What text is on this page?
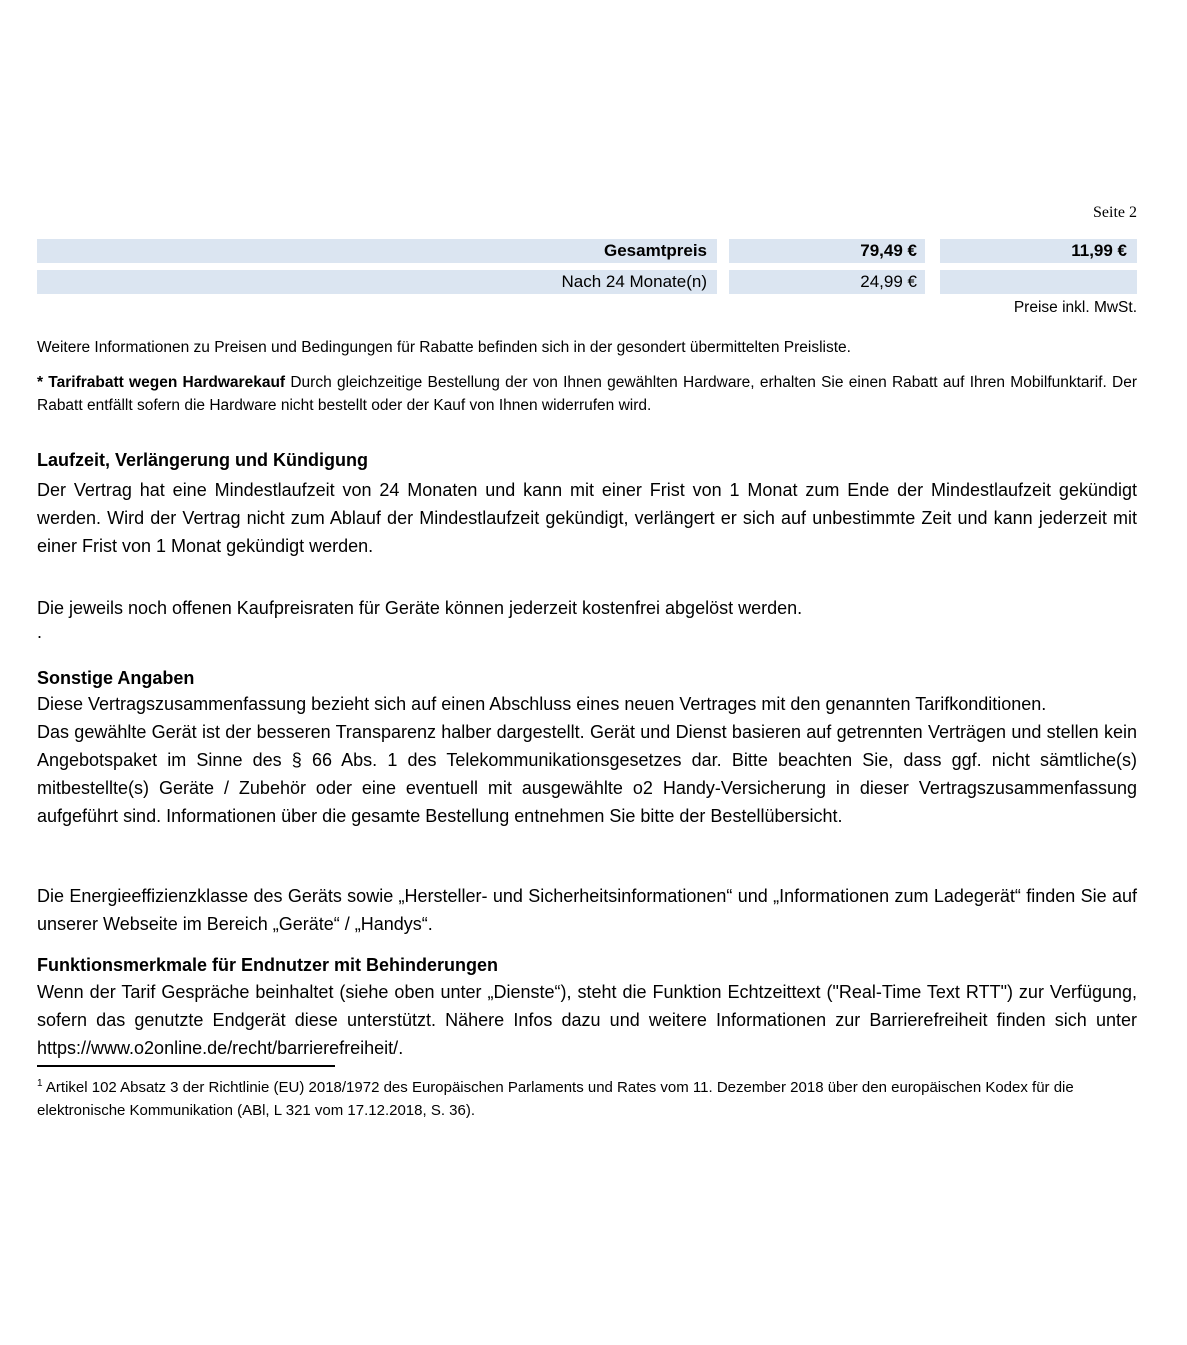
Seite 2
Gesamtpreis	79,49 €	11,99 €
Nach 24 Monate(n)	24,99 €
Preise inkl. MwSt.

Weitere Informationen zu Preisen und Bedingungen für Rabatte befinden sich in der gesondert übermittelten Preisliste.

* Tarifrabatt wegen Hardwarekauf Durch gleichzeitige Bestellung der von Ihnen gewählten Hardware, erhalten Sie einen Rabatt auf Ihren Mobilfunktarif. Der Rabatt entfällt sofern die Hardware nicht bestellt oder der Kauf von Ihnen widerrufen wird.

Laufzeit, Verlängerung und Kündigung

Der Vertrag hat eine Mindestlaufzeit von 24 Monaten und kann mit einer Frist von 1 Monat zum Ende der Mindestlaufzeit gekündigt werden. Wird der Vertrag nicht zum Ablauf der Mindestlaufzeit gekündigt, verlängert er sich auf unbestimmte Zeit und kann jederzeit mit einer Frist von 1 Monat gekündigt werden.

Die jeweils noch offenen Kaufpreisraten für Geräte können jederzeit kostenfrei abgelöst werden.

.

Sonstige Angaben

Diese Vertragszusammenfassung bezieht sich auf einen Abschluss eines neuen Vertrages mit den genannten Tarifkonditionen.

Das gewählte Gerät ist der besseren Transparenz halber dargestellt. Gerät und Dienst basieren auf getrennten Verträgen und stellen kein Angebotspaket im Sinne des § 66 Abs. 1 des Telekommunikationsgesetzes dar. Bitte beachten Sie, dass ggf. nicht sämtliche(s) mitbestellte(s) Geräte / Zubehör oder eine eventuell mit ausgewählte o2 Handy-Versicherung in dieser Vertragszusammenfassung aufgeführt sind. Informationen über die gesamte Bestellung entnehmen Sie bitte der Bestellübersicht.

Die Energieeffizienzklasse des Geräts sowie „Hersteller- und Sicherheitsinformationen“ und „Informationen zum Ladegerät“ finden Sie auf unserer Webseite im Bereich „Geräte“ / „Handys“.

Funktionsmerkmale für Endnutzer mit Behinderungen

Wenn der Tarif Gespräche beinhaltet (siehe oben unter „Dienste“), steht die Funktion Echtzeittext ("Real-Time Text RTT") zur Verfügung, sofern das genutzte Endgerät diese unterstützt. Nähere Infos dazu und weitere Informationen zur Barrierefreiheit finden sich unter https://www.o2online.de/recht/barrierefreiheit/.

$^1$ Artikel 102 Absatz 3 der Richtlinie (EU) 2018/1972 des Europäischen Parlaments und Rates vom 11. Dezember 2018 über den europäischen Kodex für die elektronische Kommunikation (ABl, L 321 vom 17.12.2018, S. 36).
